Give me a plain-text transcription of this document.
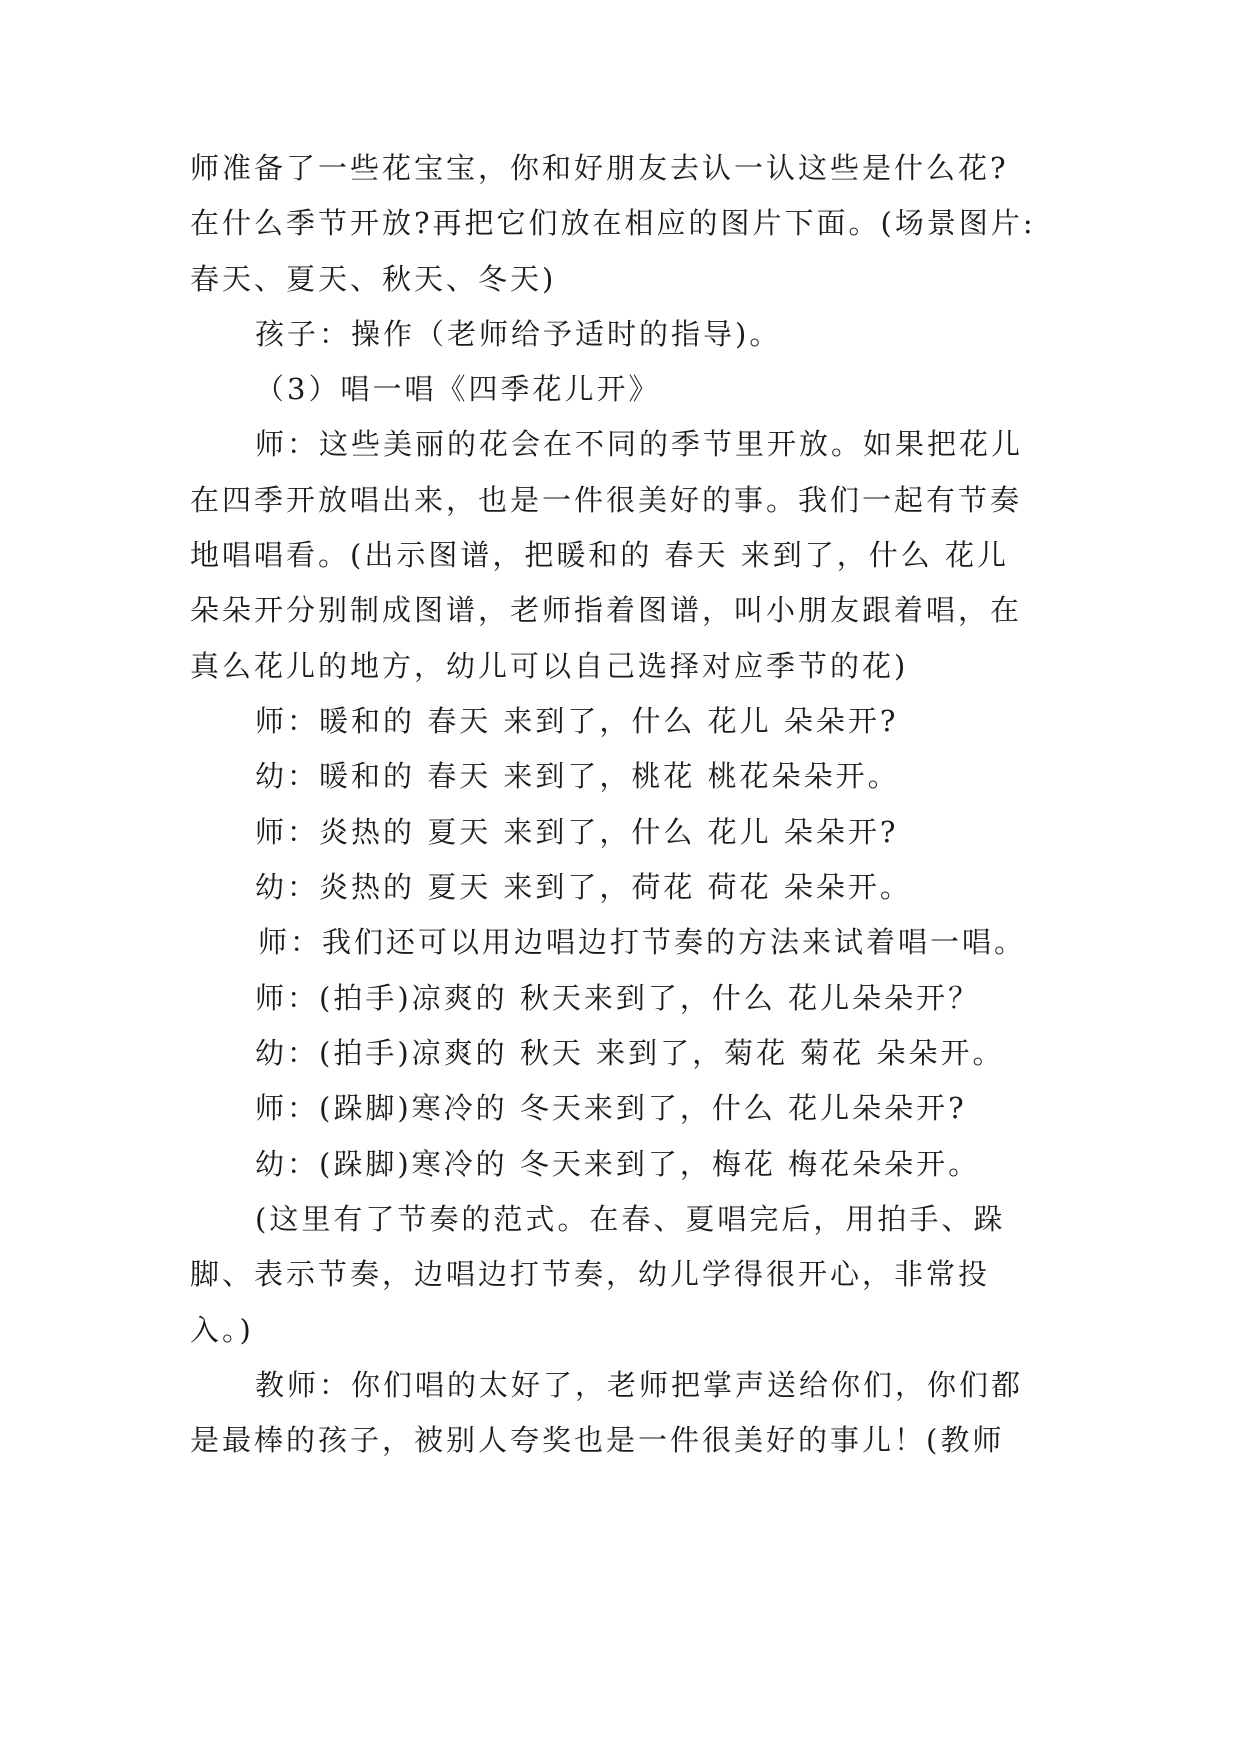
师准备了一些花宝宝，你和好朋友去认一认这些是什么花?
在什么季节开放?再把它们放在相应的图片下面。(场景图片:
春天、夏天、秋天、冬天)
孩子：操作（老师给予适时的指导)。
（3）唱一唱《四季花儿开》
师：这些美丽的花会在不同的季节里开放。如果把花儿
在四季开放唱出来，也是一件很美好的事。我们一起有节奏
地唱唱看。(出示图谱，把暖和的 春天 来到了，什么 花儿
朵朵开分别制成图谱，老师指着图谱，叫小朋友跟着唱，在
真么花儿的地方，幼儿可以自己选择对应季节的花)
师：暖和的 春天 来到了，什么 花儿 朵朵开?
幼：暖和的 春天 来到了，桃花 桃花朵朵开。
师：炎热的 夏天 来到了，什么 花儿 朵朵开?
幼：炎热的 夏天 来到了，荷花 荷花 朵朵开。
师：我们还可以用边唱边打节奏的方法来试着唱一唱。
师：(拍手)凉爽的 秋天来到了，什么 花儿朵朵开？
幼：(拍手)凉爽的 秋天 来到了，菊花 菊花 朵朵开。
师：(跺脚)寒冷的 冬天来到了，什么 花儿朵朵开?
幼：(跺脚)寒冷的 冬天来到了，梅花 梅花朵朵开。
(这里有了节奏的范式。在春、夏唱完后，用拍手、跺
脚、表示节奏，边唱边打节奏，幼儿学得很开心，非常投
入。)
教师：你们唱的太好了，老师把掌声送给你们，你们都
是最棒的孩子，被别人夸奖也是一件很美好的事儿！(教师
